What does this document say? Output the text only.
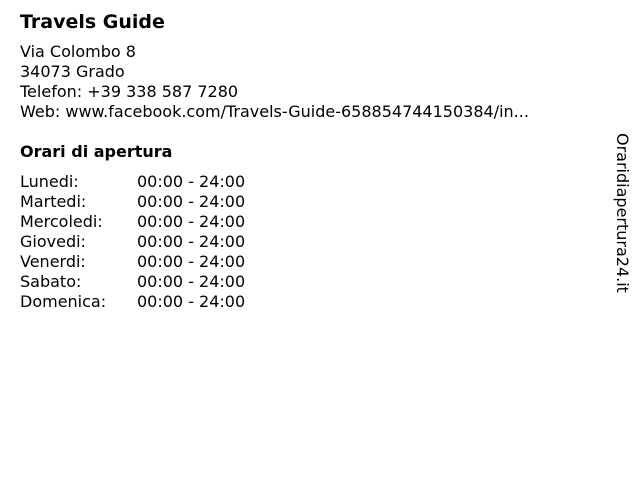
Travels Guide
Via Colombo 8
34073 Grado
Telefon: +39 338 587 7280
Web: www.facebook.com/Travels-Guide-658854744150384/in...
Orari di apertura
Lunedi:	00:00 - 24:00
Martedi:	00:00 - 24:00
Mercoledi:	00:00 - 24:00
Giovedi:	00:00 - 24:00
Venerdi:	00:00 - 24:00
Sabato:	00:00 - 24:00
Domenica:	00:00 - 24:00
Oraridiapertura24.it
